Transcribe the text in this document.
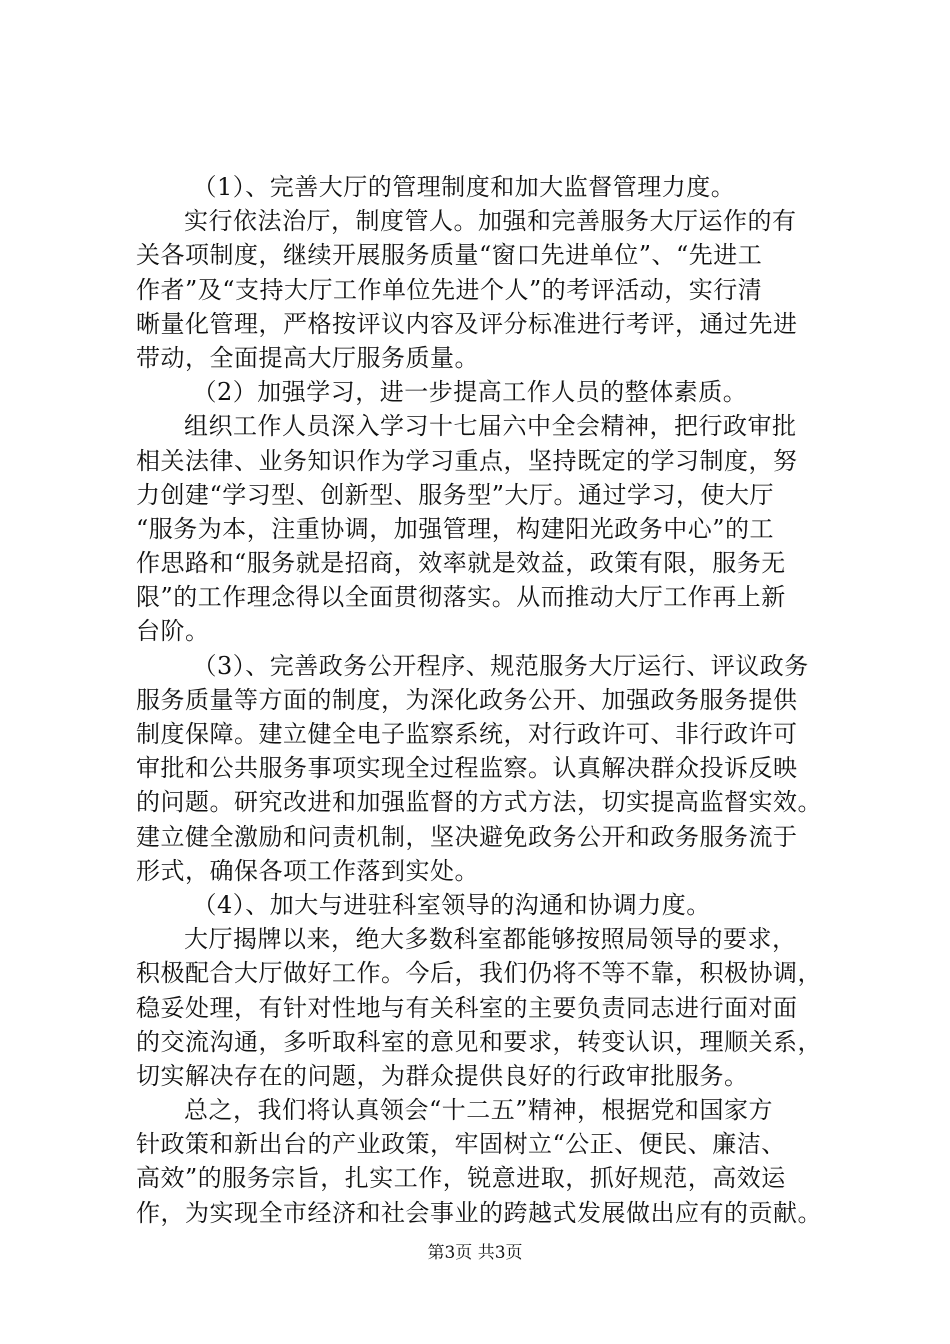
　（1）、完善大厅的管理制度和加大监督管理力度。
实行依法治厅，制度管人。加强和完善服务大厅运作的有
关各项制度，继续开展服务质量“窗口先进单位”、“先进工
作者”及“支持大厅工作单位先进个人”的考评活动，实行清
晰量化管理，严格按评议内容及评分标准进行考评，通过先进
带动，全面提高大厅服务质量。
　（2）加强学习，进一步提高工作人员的整体素质。
组织工作人员深入学习十七届六中全会精神，把行政审批
相关法律、业务知识作为学习重点，坚持既定的学习制度，努
力创建“学习型、创新型、服务型”大厅。通过学习，使大厅
“服务为本，注重协调，加强管理，构建阳光政务中心”的工
作思路和“服务就是招商，效率就是效益，政策有限，服务无
限”的工作理念得以全面贯彻落实。从而推动大厅工作再上新
台阶。
　（3）、完善政务公开程序、规范服务大厅运行、评议政务
服务质量等方面的制度，为深化政务公开、加强政务服务提供
制度保障。建立健全电子监察系统，对行政许可、非行政许可
审批和公共服务事项实现全过程监察。认真解决群众投诉反映
的问题。研究改进和加强监督的方式方法，切实提高监督实效。
建立健全激励和问责机制，坚决避免政务公开和政务服务流于
形式，确保各项工作落到实处。
　（4）、加大与进驻科室领导的沟通和协调力度。
大厅揭牌以来，绝大多数科室都能够按照局领导的要求，
积极配合大厅做好工作。今后，我们仍将不等不靠，积极协调，
稳妥处理，有针对性地与有关科室的主要负责同志进行面对面
的交流沟通，多听取科室的意见和要求，转变认识，理顺关系，
切实解决存在的问题，为群众提供良好的行政审批服务。
总之，我们将认真领会“十二五”精神，根据党和国家方
针政策和新出台的产业政策，牢固树立“公正、便民、廉洁、
高效”的服务宗旨，扎实工作，锐意进取，抓好规范，高效运
作，为实现全市经济和社会事业的跨越式发展做出应有的贡献。
第3页 共3页
